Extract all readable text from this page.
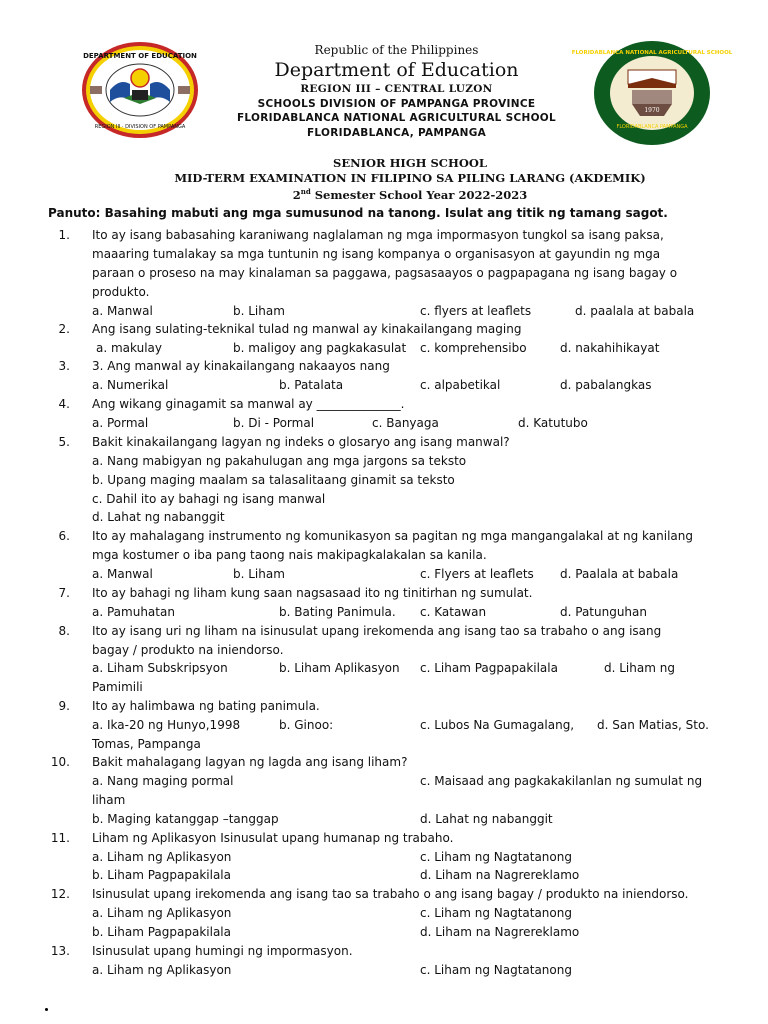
DEPARTMENT OF EDUCATION
REGION III · DIVISION OF PAMPANGA
1970
FLORIDABLANCA NATIONAL AGRICULTURAL SCHOOL
FLORIDABLANCA PAMPANGA
Republic of the Philippines
Department of Education
REGION III – CENTRAL LUZON
SCHOOLS DIVISION OF PAMPANGA PROVINCE
FLORIDABLANCA NATIONAL AGRICULTURAL SCHOOL
FLORIDABLANCA, PAMPANGA
SENIOR HIGH SCHOOL
MID-TERM EXAMINATION IN FILIPINO SA PILING LARANG (AKDEMIK)
2nd Semester School Year 2022-2023
Panuto: Basahing mabuti ang mga sumusunod na tanong. Isulat ang titik ng tamang sagot.
1. Ito ay isang babasahing karaniwang naglalaman ng mga impormasyon tungkol sa isang paksa,
maaaring tumalakay sa mga tuntunin ng isang kompanya o organisasyon at gayundin ng mga
paraan o proseso na may kinalaman sa paggawa, pagsasaayos o pagpapagana ng isang bagay o
produkto.
a. Manwal	b. Liham	c. flyers at leaflets	d. paalala at babala
2. Ang isang sulating-teknikal tulad ng manwal ay kinakailangang maging
a. makulay	b. maligoy ang pagkakasulat c. komprehensibo	d. nakahihikayat
3. 3. Ang manwal ay kinakailangang nakaayos nang
a. Numerikal	b. Patalata	c. alpabetikal	d. pabalangkas
4. Ang wikang ginagamit sa manwal ay ______________.
a. Pormal	b. Di - Pormal	c. Banyaga	d. Katutubo
5. Bakit kinakailangang lagyan ng indeks o glosaryo ang isang manwal?
a. Nang mabigyan ng pakahulugan ang mga jargons sa teksto
b. Upang maging maalam sa talasalitaang ginamit sa teksto
c. Dahil ito ay bahagi ng isang manwal
d. Lahat ng nabanggit
6. Ito ay mahalagang instrumento ng komunikasyon sa pagitan ng mga mangangalakal at ng kanilang
mga kostumer o iba pang taong nais makipagkalakalan sa kanila.
a. Manwal	b. Liham	c. Flyers at leaflets d. Paalala at babala
7. Ito ay bahagi ng liham kung saan nagsasaad ito ng tinitirhan ng sumulat.
a. Pamuhatan	b. Bating Panimula. c. Katawan	d. Patunguhan
8. Ito ay isang uri ng liham na isinusulat upang irekomenda ang isang tao sa trabaho o ang isang
bagay / produkto na iniendorso.
a. Liham Subskripsyon	b. Liham Aplikasyon c. Liham Pagpapakilala	d. Liham ng
Pamimili
9. Ito ay halimbawa ng bating panimula.
a. Ika-20 ng Hunyo,1998	b. Ginoo:	c. Lubos Na Gumagalang, d. San Matias, Sto.
Tomas, Pampanga
10. Bakit mahalagang lagyan ng lagda ang isang liham?
a. Nang maging pormal	c. Maisaad ang pagkakakilanlan ng sumulat ng
liham
b. Maging katanggap –tanggap	d. Lahat ng nabanggit
11. Liham ng Aplikasyon Isinusulat upang humanap ng trabaho.
a. Liham ng Aplikasyon	c. Liham ng Nagtatanong
b. Liham Pagpapakilala	d. Liham na Nagrereklamo
12. Isinusulat upang irekomenda ang isang tao sa trabaho o ang isang bagay / produkto na iniendorso.
a. Liham ng Aplikasyon	c. Liham ng Nagtatanong
b. Liham Pagpapakilala	d. Liham na Nagrereklamo
13. Isinusulat upang humingi ng impormasyon.
a. Liham ng Aplikasyon	c. Liham ng Nagtatanong
